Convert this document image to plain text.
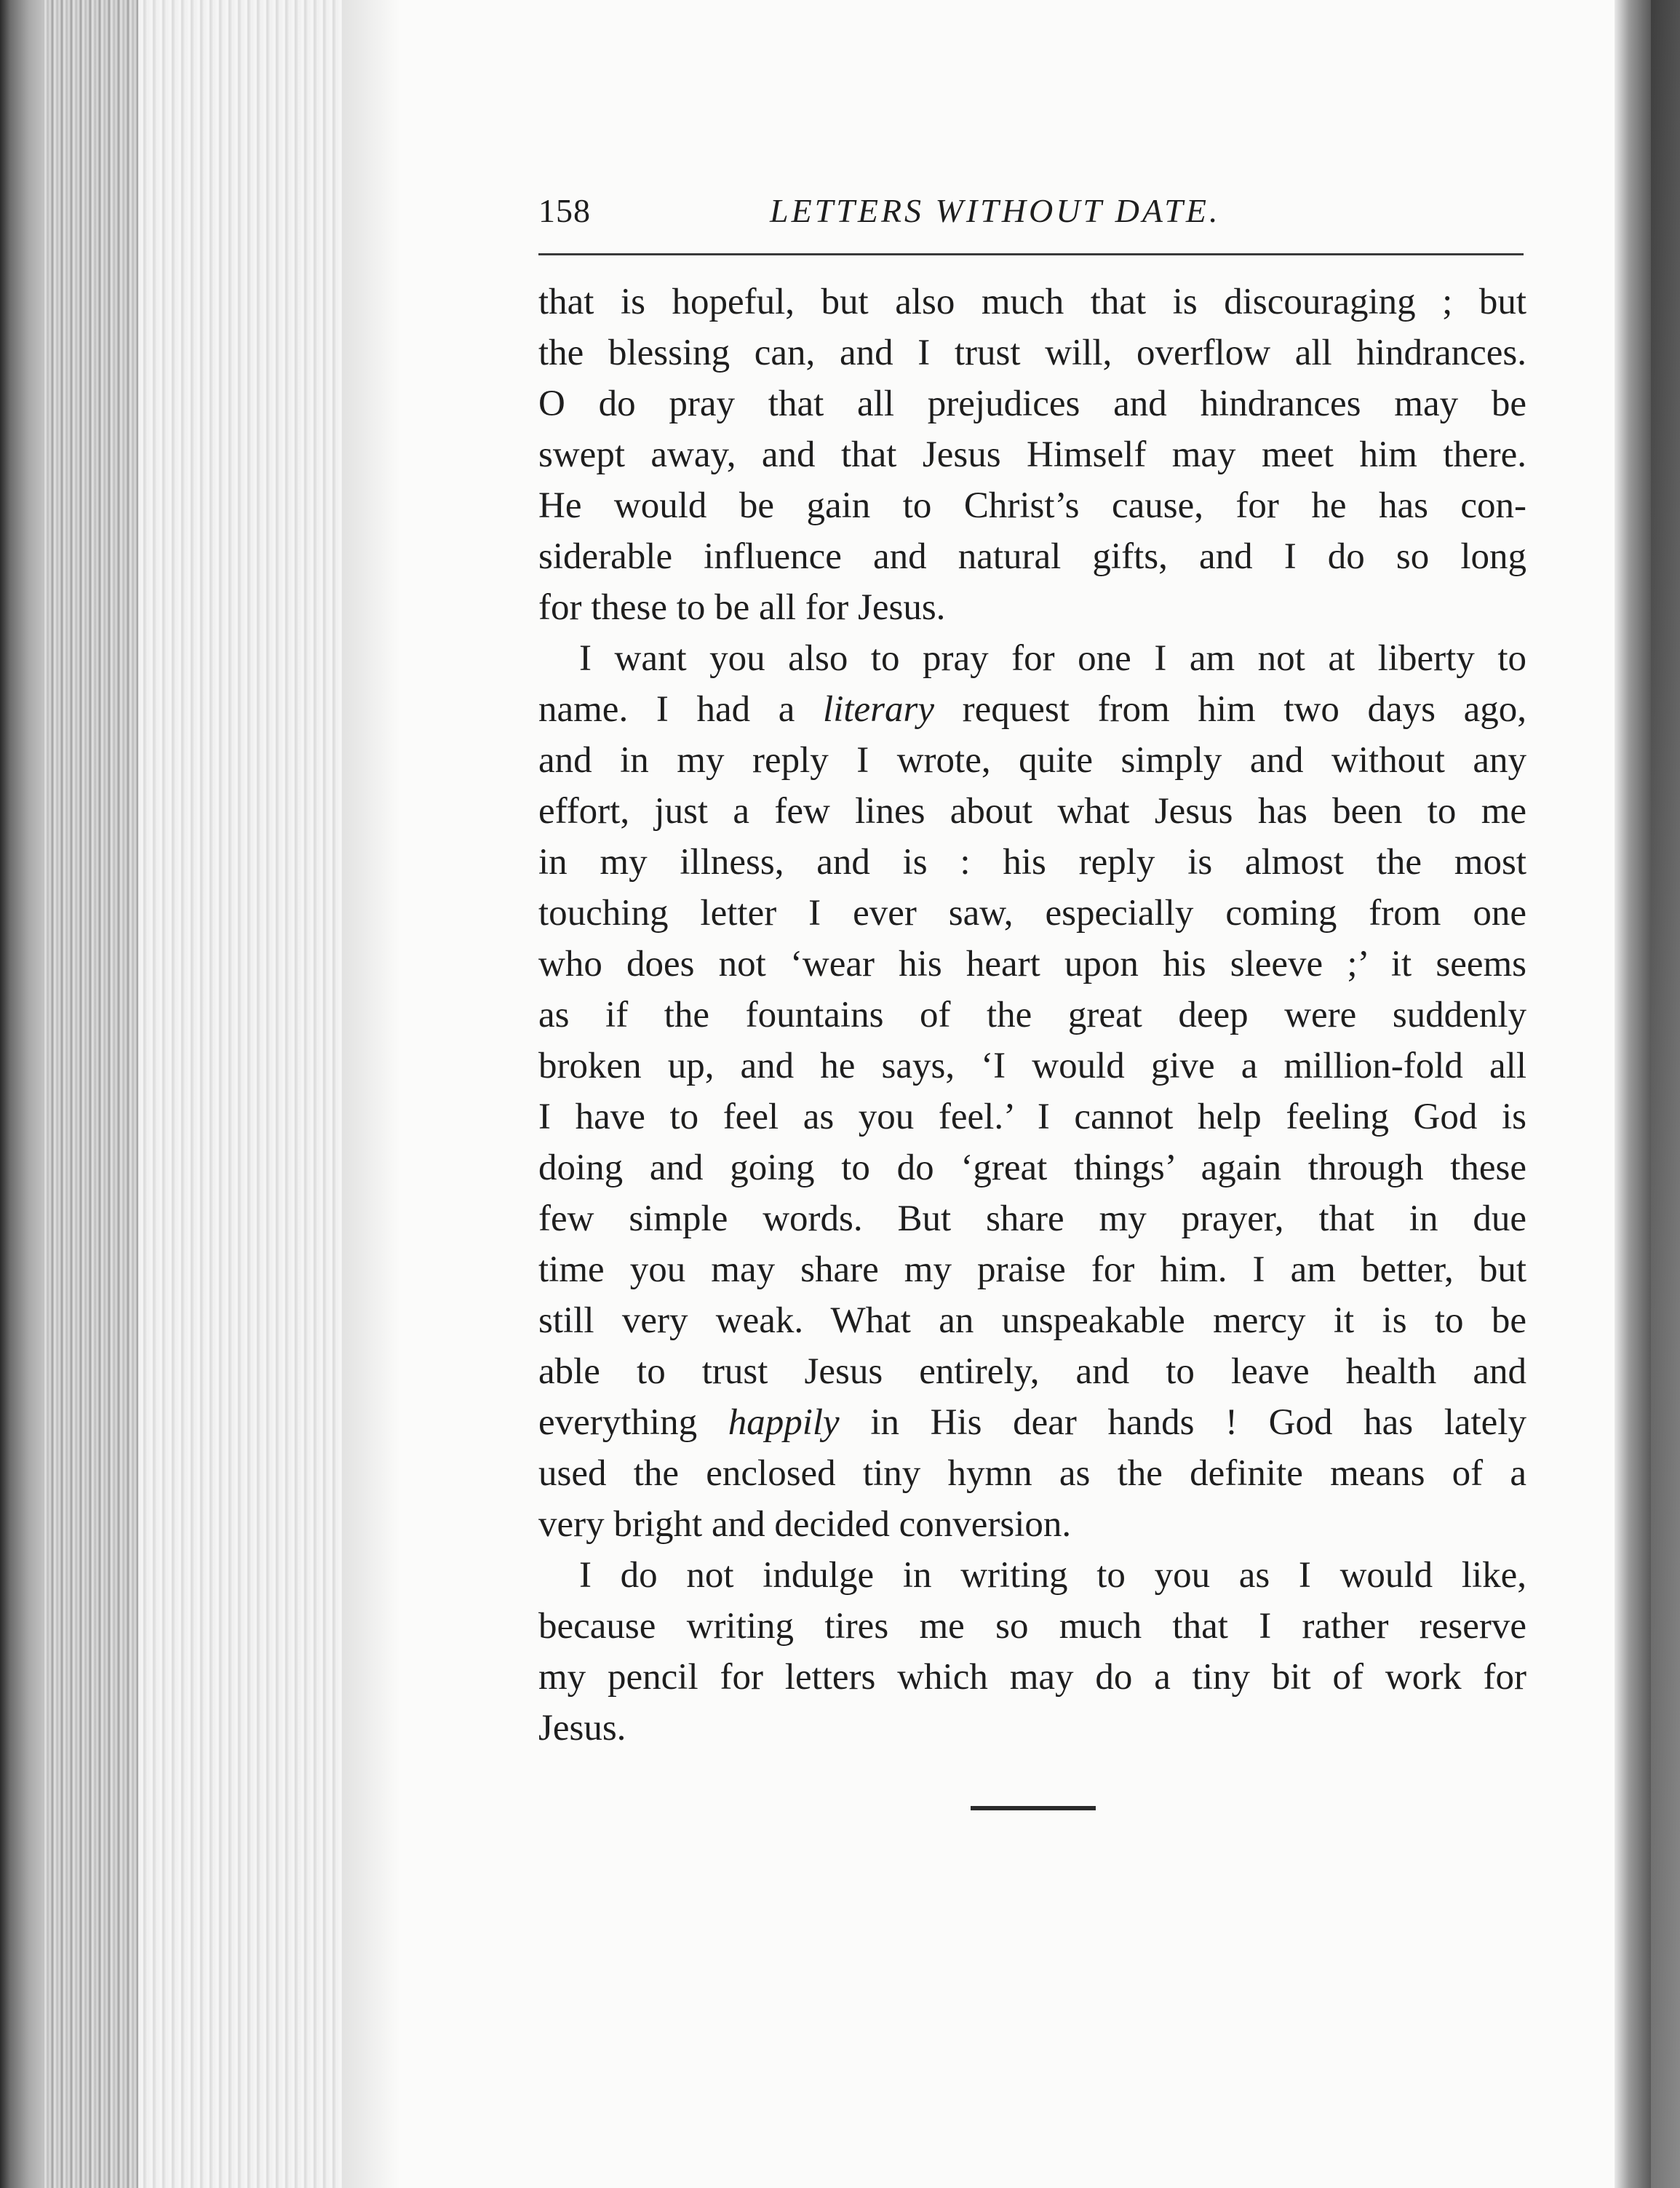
158	LETTERS WITHOUT DATE.
that is hopeful, but also much that is discouraging ; but
the blessing can, and I trust will, overflow all hindrances.
O do pray that all prejudices and hindrances may be
swept away, and that Jesus Himself may meet him there.
He would be gain to Christ’s cause, for he has con-
siderable influence and natural gifts, and I do so long
for these to be all for Jesus.
I want you also to pray for one I am not at liberty to
name. I had a literary request from him two days ago,
and in my reply I wrote, quite simply and without any
effort, just a few lines about what Jesus has been to me
in my illness, and is : his reply is almost the most
touching letter I ever saw, especially coming from one
who does not ‘wear his heart upon his sleeve ;’ it seems
as if the fountains of the great deep were suddenly
broken up, and he says, ‘I would give a million-fold all
I have to feel as you feel.’ I cannot help feeling God is
doing and going to do ‘great things’ again through these
few simple words. But share my prayer, that in due
time you may share my praise for him. I am better, but
still very weak. What an unspeakable mercy it is to be
able to trust Jesus entirely, and to leave health and
everything happily in His dear hands ! God has lately
used the enclosed tiny hymn as the definite means of a
very bright and decided conversion.
I do not indulge in writing to you as I would like,
because writing tires me so much that I rather reserve
my pencil for letters which may do a tiny bit of work for
Jesus.
